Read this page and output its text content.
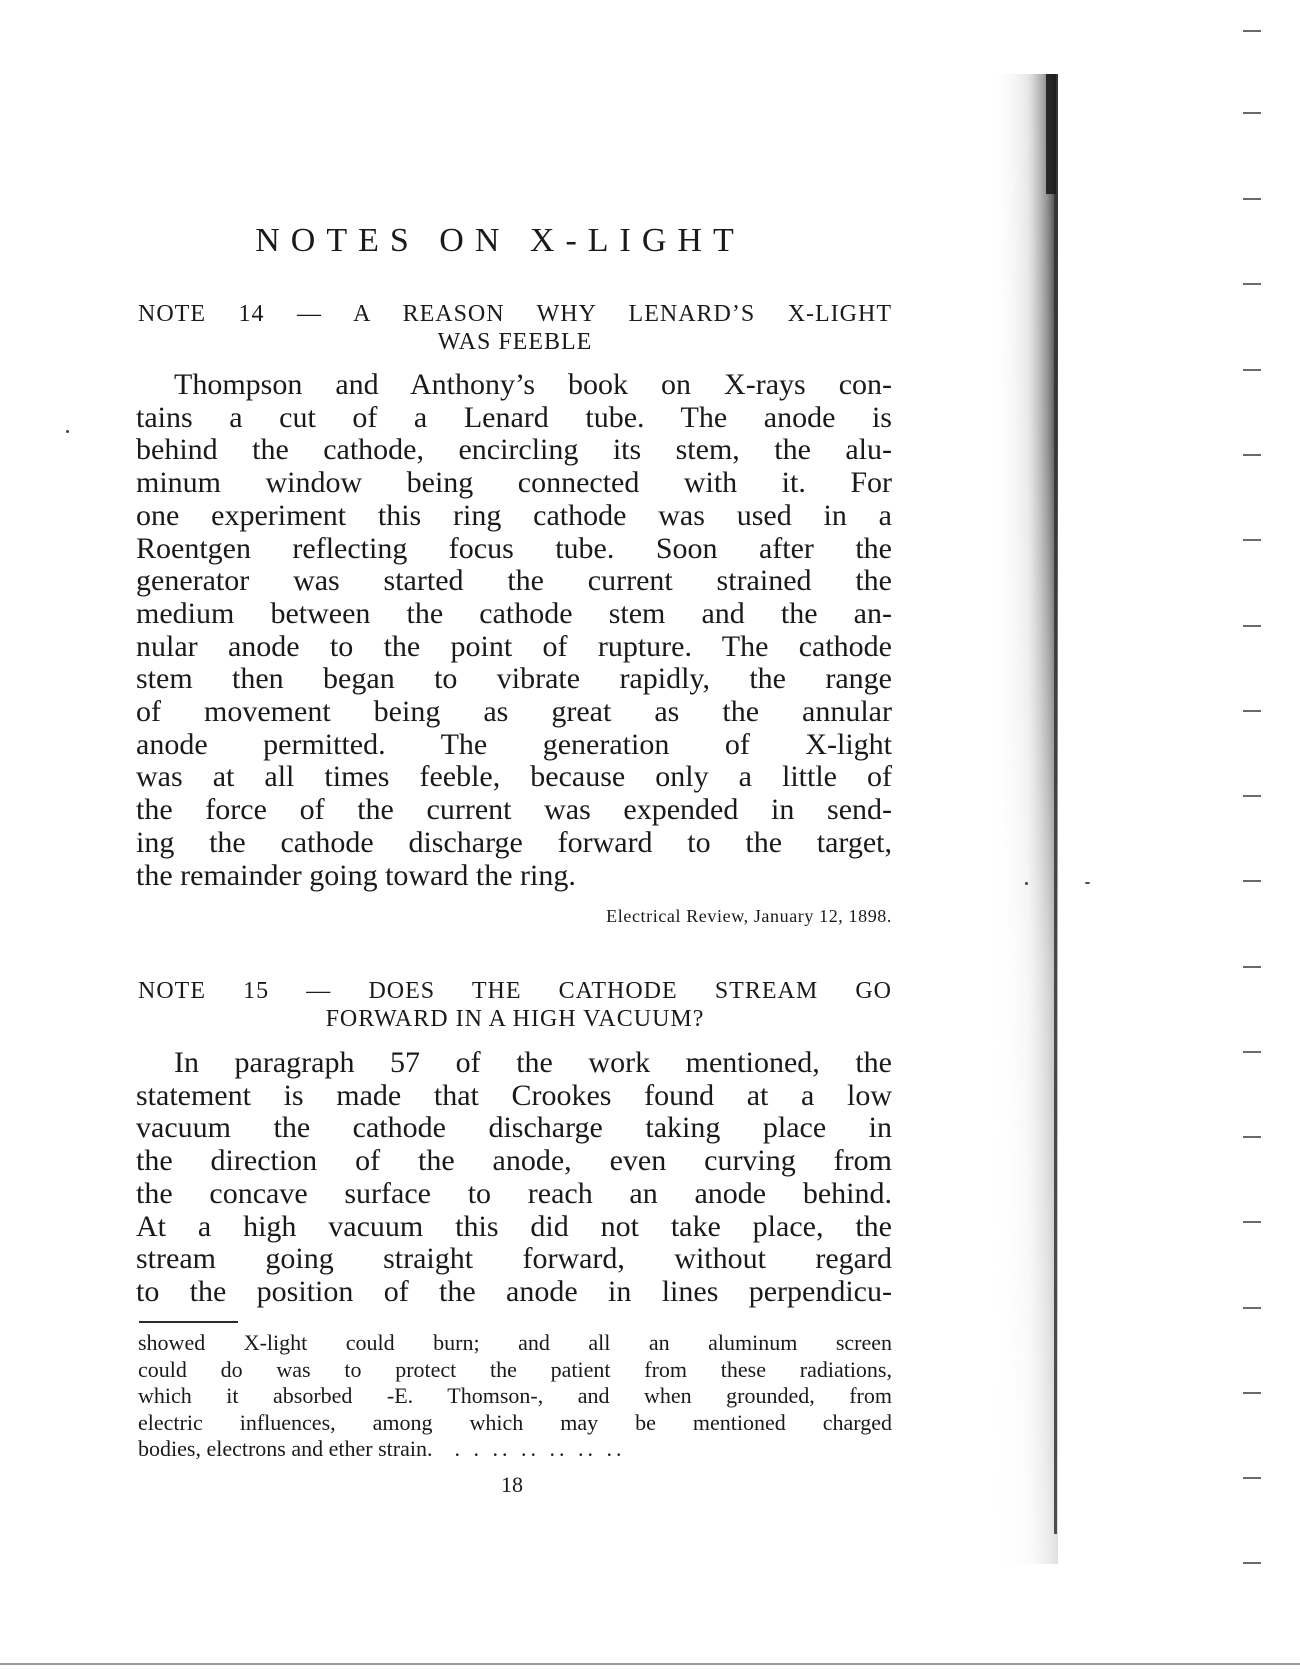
NOTES ON X-LIGHT
NOTE 14 — A REASON WHY LENARD’S X-LIGHT
WAS FEEBLE
Thompson and Anthony’s book on X-rays con-
tains a cut of a Lenard tube. The anode is
behind the cathode, encircling its stem, the alu-
minum window being connected with it. For
one experiment this ring cathode was used in a
Roentgen reflecting focus tube. Soon after the
generator was started the current strained the
medium between the cathode stem and the an-
nular anode to the point of rupture. The cathode
stem then began to vibrate rapidly, the range
of movement being as great as the annular
anode permitted. The generation of X-light
was at all times feeble, because only a little of
the force of the current was expended in send-
ing the cathode discharge forward to the target,
the remainder going toward the ring.

Electrical Review, January 12, 1898.

NOTE 15 — DOES THE CATHODE STREAM GO
FORWARD IN A HIGH VACUUM?
In paragraph 57 of the work mentioned, the
statement is made that Crookes found at a low
vacuum the cathode discharge taking place in
the direction of the anode, even curving from
the concave surface to reach an anode behind.
At a high vacuum this did not take place, the
stream going straight forward, without regard
to the position of the anode in lines perpendicu-
showed X-light could burn; and all an aluminum screen
could do was to protect the patient from these radiations,
which it absorbed -E. Thomson-, and when grounded, from
electric influences, among which may be mentioned charged
bodies, electrons and ether strain. . . .. .. .. .. ..

18
